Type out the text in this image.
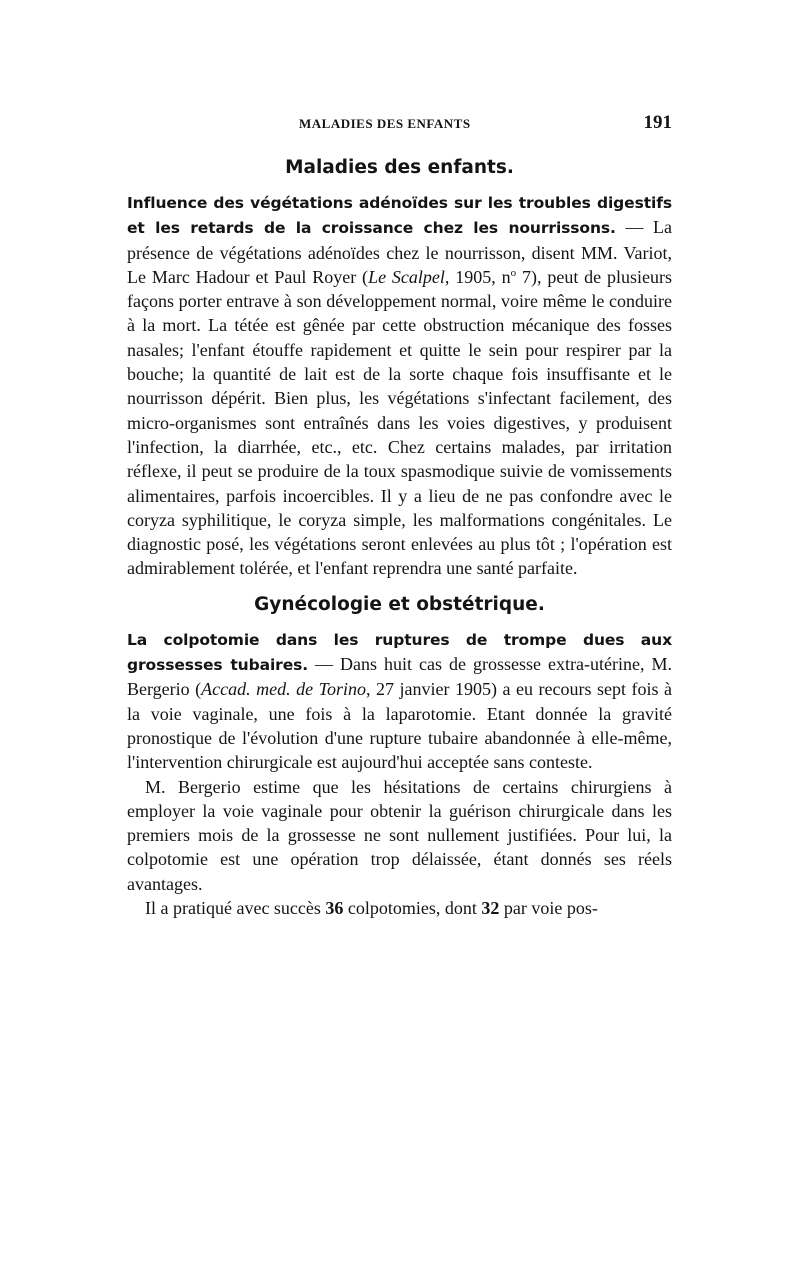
MALADIES DES ENFANTS	191
Maladies des enfants.

Influence des végétations adénoïdes sur les troubles digestifs et les retards de la croissance chez les nourrissons. — La présence de végétations adénoïdes chez le nourrisson, disent MM. Variot, Le Marc Hadour et Paul Royer (Le Scalpel, 1905, $n^o$ 7), peut de plusieurs façons porter entrave à son développement normal, voire même le conduire à la mort. La tétée est gênée par cette obstruction mécanique des fosses nasales; l'enfant étouffe rapidement et quitte le sein pour respirer par la bouche; la quantité de lait est de la sorte chaque fois insuffisante et le nourrisson dépérit. Bien plus, les végétations s'infectant facilement, des micro-organismes sont entraînés dans les voies digestives, y produisent l'infection, la diarrhée, etc., etc. Chez certains malades, par irritation réflexe, il peut se produire de la toux spasmodique suivie de vomissements alimentaires, parfois incoercibles. Il y a lieu de ne pas confondre avec le coryza syphilitique, le coryza simple, les malformations congénitales. Le diagnostic posé, les végétations seront enlevées au plus tôt ; l'opération est admirablement tolérée, et l'enfant reprendra une santé parfaite.

Gynécologie et obstétrique.

La colpotomie dans les ruptures de trompe dues aux grossesses tubaires. — Dans huit cas de grossesse extra-utérine, M. Bergerio (Accad. med. de Torino, 27 janvier 1905) a eu recours sept fois à la voie vaginale, une fois à la laparotomie. Etant donnée la gravité pronostique de l'évolution d'une rupture tubaire abandonnée à elle-même, l'intervention chirurgicale est aujourd'hui acceptée sans conteste.

M. Bergerio estime que les hésitations de certains chirurgiens à employer la voie vaginale pour obtenir la guérison chirurgicale dans les premiers mois de la grossesse ne sont nullement justifiées. Pour lui, la colpotomie est une opération trop délaissée, étant donnés ses réels avantages.

Il a pratiqué avec succès 36 colpotomies, dont 32 par voie pos-
